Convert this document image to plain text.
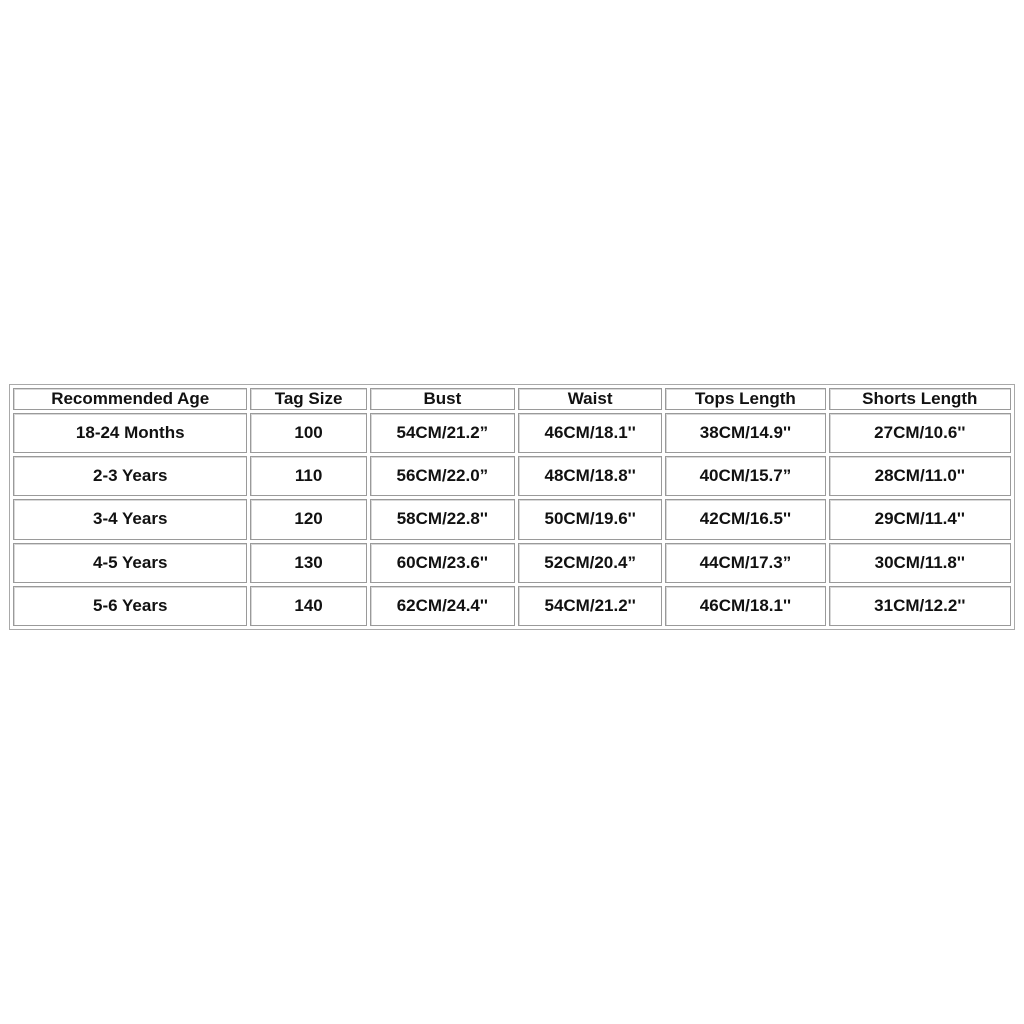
Recommended Age	Tag Size	Bust	Waist	Tops Length	Shorts Length
18-24 Months	100	54CM/21.2”	46CM/18.1''	38CM/14.9''	27CM/10.6''
2-3 Years	110	56CM/22.0”	48CM/18.8''	40CM/15.7”	28CM/11.0''
3-4 Years	120	58CM/22.8''	50CM/19.6''	42CM/16.5''	29CM/11.4''
4-5 Years	130	60CM/23.6''	52CM/20.4”	44CM/17.3”	30CM/11.8''
5-6 Years	140	62CM/24.4''	54CM/21.2''	46CM/18.1''	31CM/12.2''
